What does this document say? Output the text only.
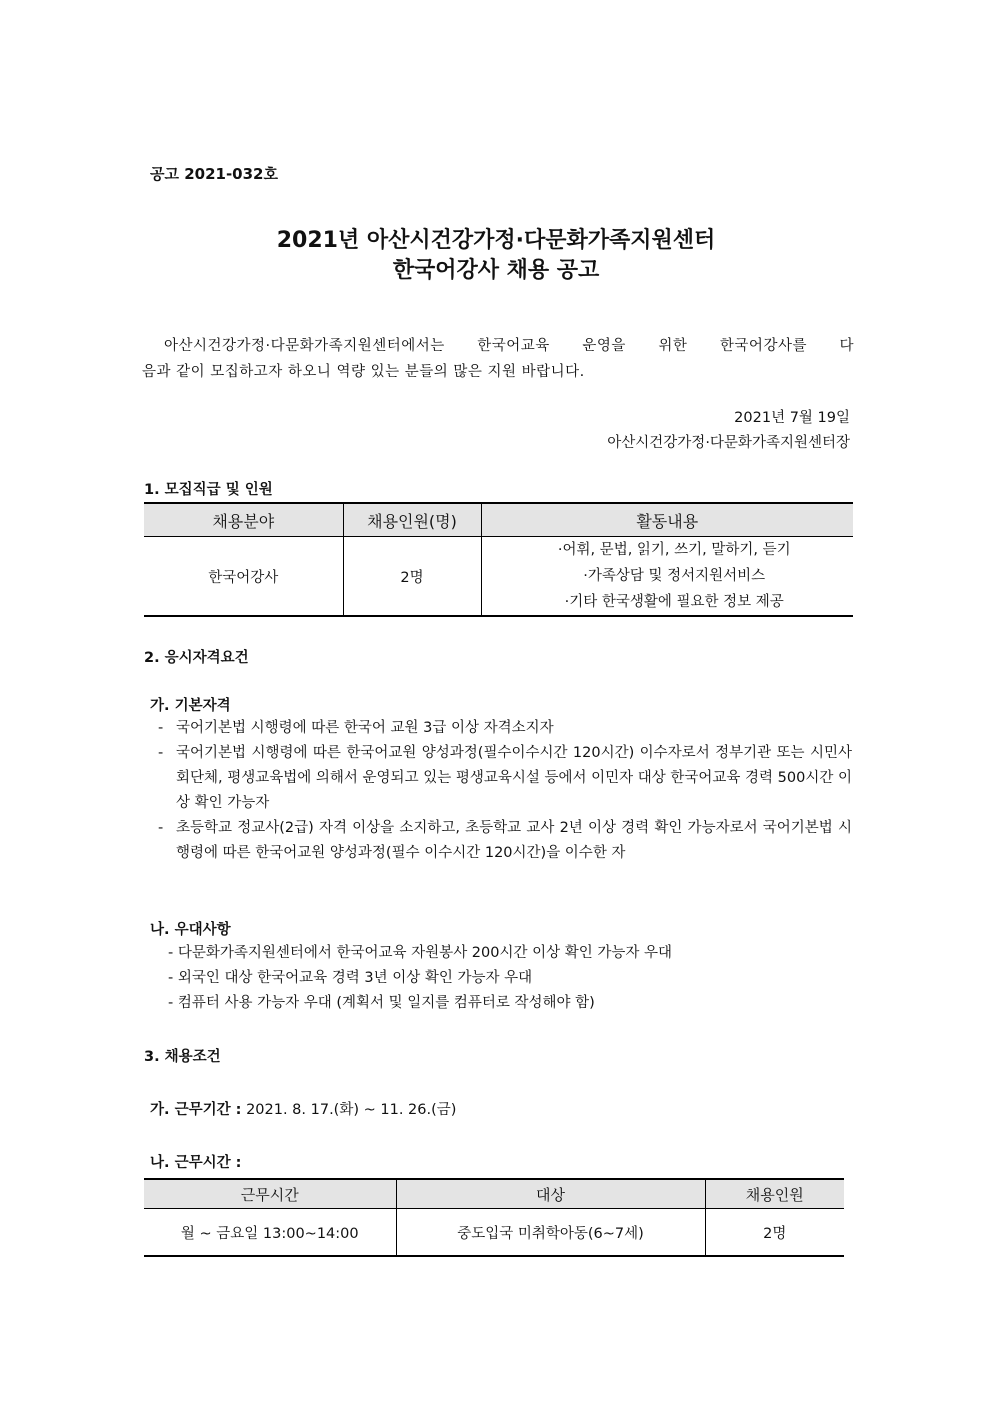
공고 2021-032호
2021년 아산시건강가정·다문화가족지원센터
한국어강사 채용 공고
아산시건강가정·다문화가족지원센터에서는 한국어교육 운영을 위한 한국어강사를 다
음과 같이 모집하고자 하오니 역량 있는 분들의 많은 지원 바랍니다.
2021년 7월 19일
아산시건강가정·다문화가족지원센터장
1. 모집직급 및 인원
채용분야	채용인원(명)	활동내용
한국어강사	2명	·어휘, 문법, 읽기, 쓰기, 말하기, 듣기
·가족상담 및 정서지원서비스
·기타 한국생활에 필요한 정보 제공
2. 응시자격요건
가. 기본자격
- 국어기본법 시행령에 따른 한국어 교원 3급 이상 자격소지자
- 국어기본법 시행령에 따른 한국어교원 양성과정(필수이수시간 120시간) 이수자로서 정부기관 또는 시민사회단체, 평생교육법에 의해서 운영되고 있는 평생교육시설 등에서 이민자 대상 한국어교육 경력 500시간 이상 확인 가능자
- 초등학교 정교사(2급) 자격 이상을 소지하고, 초등학교 교사 2년 이상 경력 확인 가능자로서 국어기본법 시행령에 따른 한국어교원 양성과정(필수 이수시간 120시간)을 이수한 자
나. 우대사항
- 다문화가족지원센터에서 한국어교육 자원봉사 200시간 이상 확인 가능자 우대
- 외국인 대상 한국어교육 경력 3년 이상 확인 가능자 우대
- 컴퓨터 사용 가능자 우대 (계획서 및 일지를 컴퓨터로 작성해야 함)
3. 채용조건
가. 근무기간 : 2021. 8. 17.(화) ~ 11. 26.(금)
나. 근무시간 :
근무시간	대상	채용인원
월 ~ 금요일 13:00~14:00	중도입국 미취학아동(6~7세)	2명
